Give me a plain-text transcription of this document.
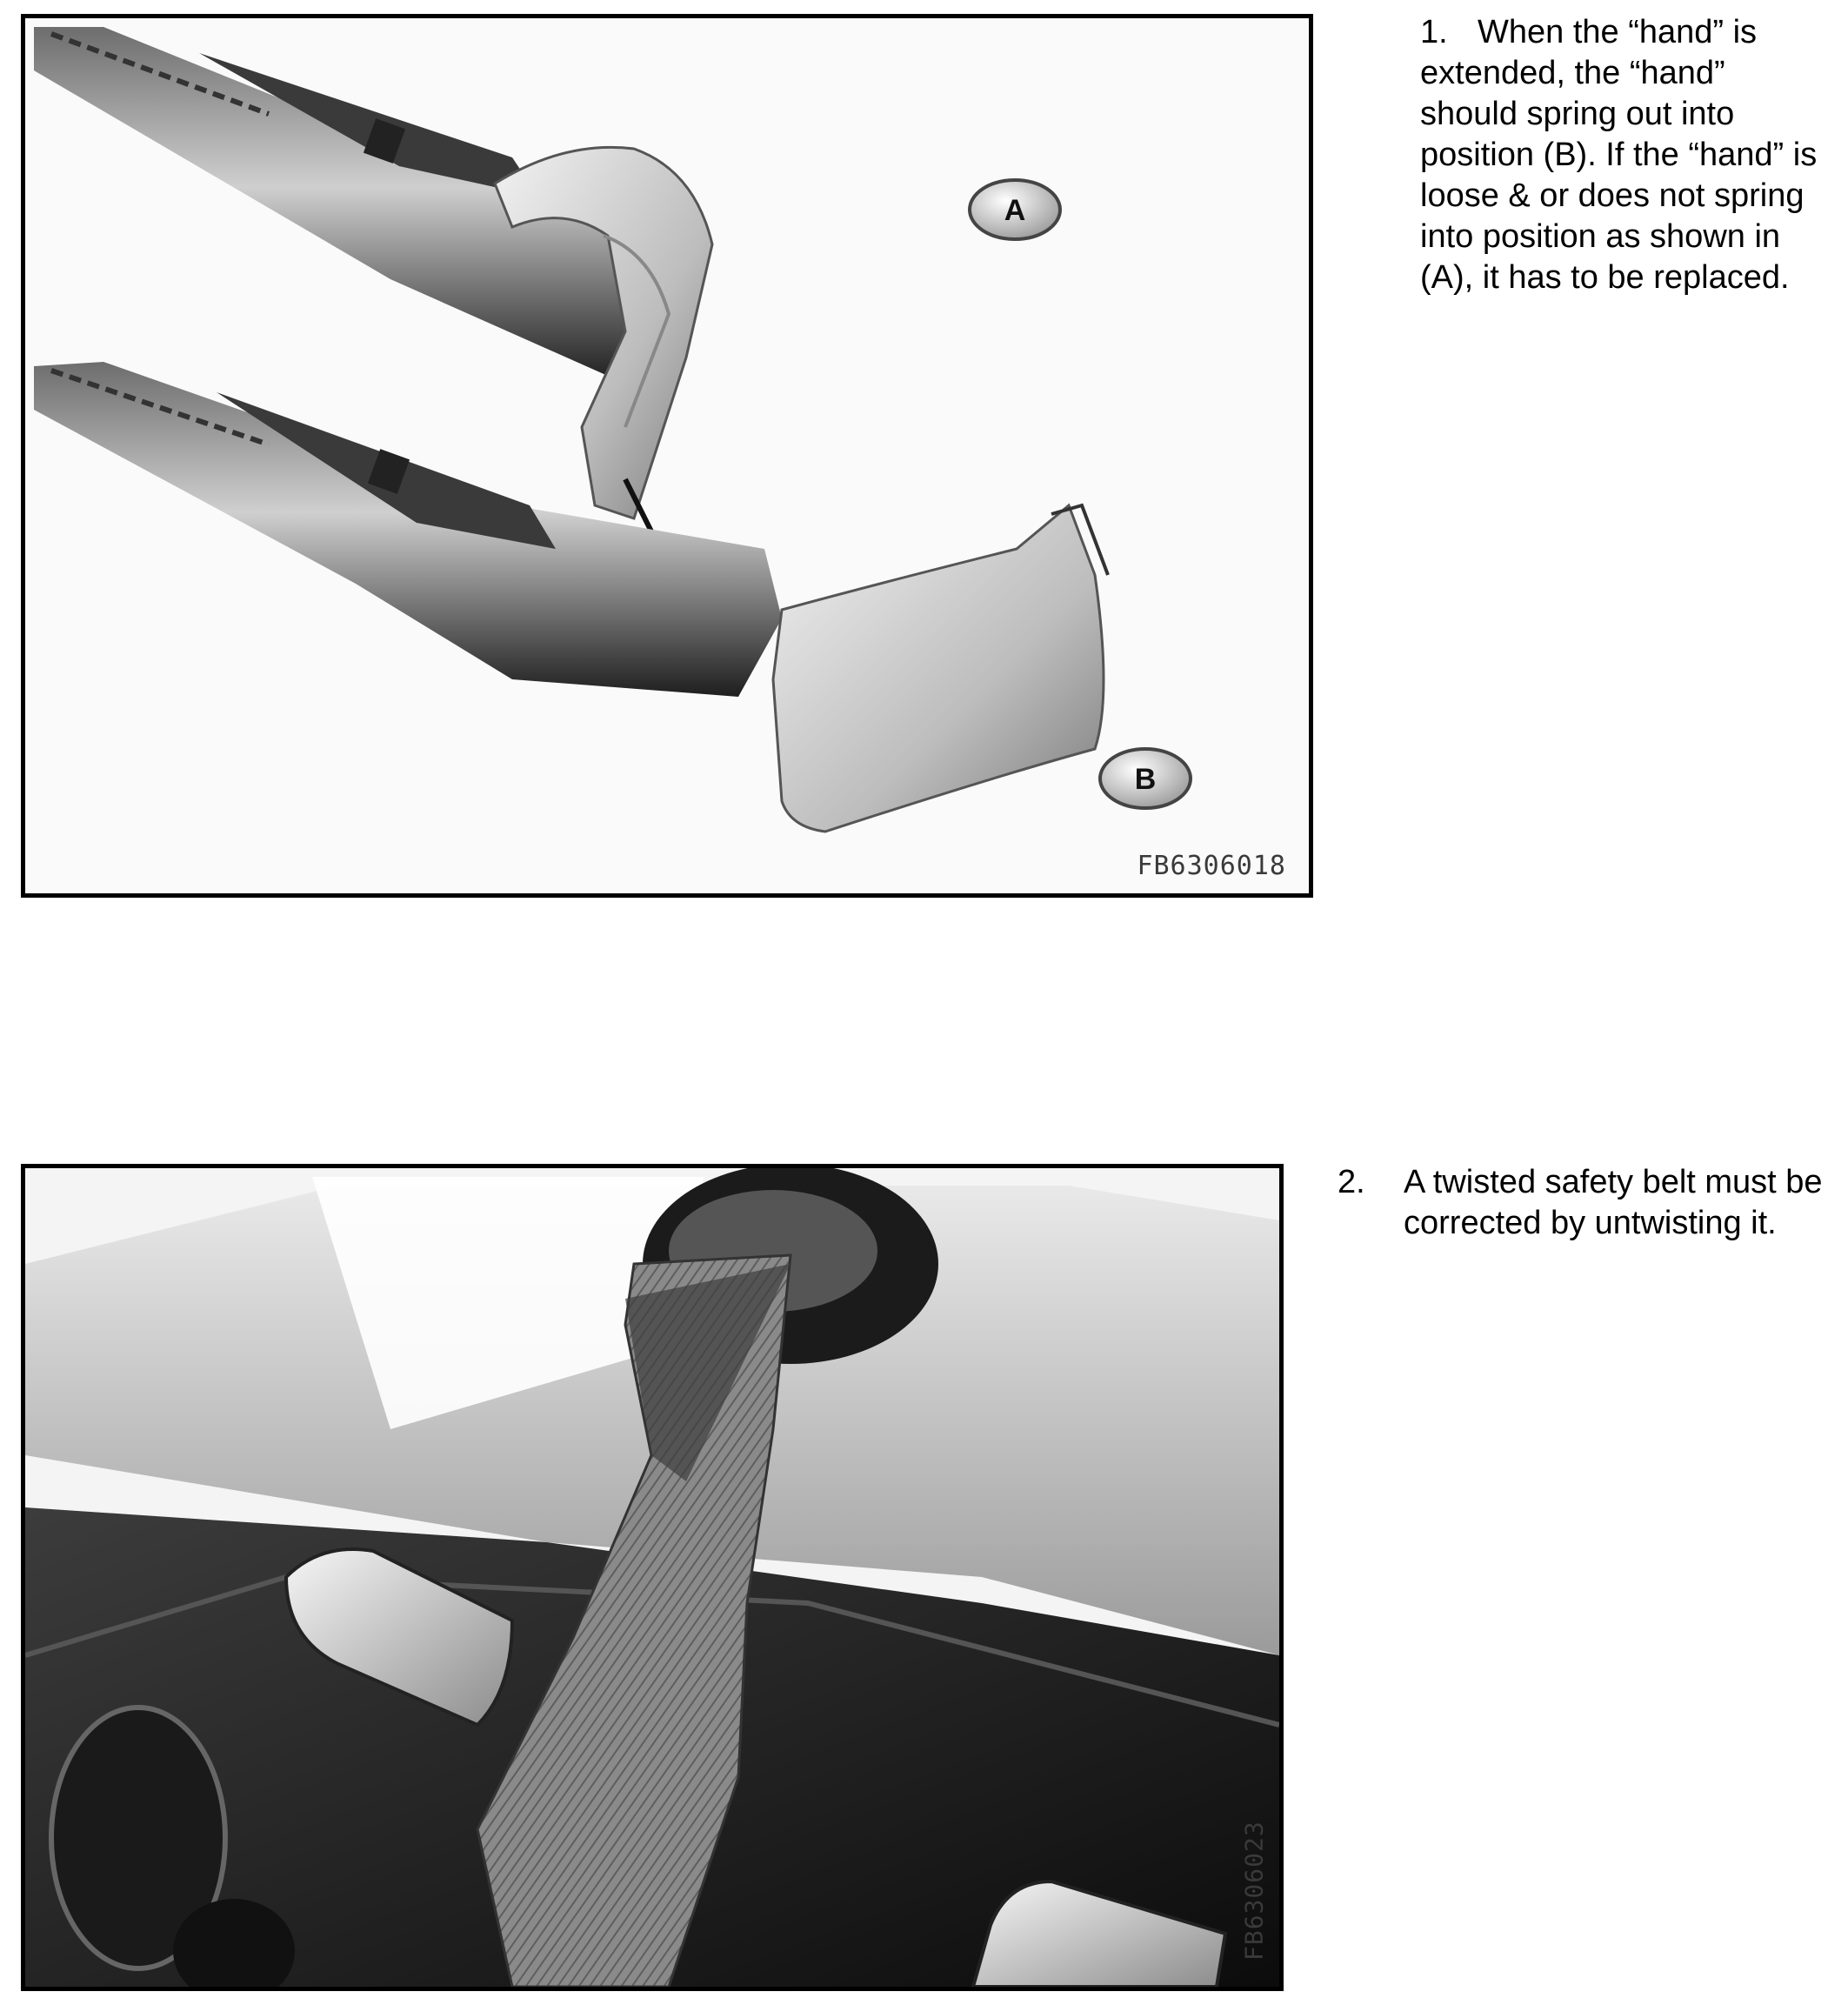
A
B
FB6306018
1. When the “hand” is extended, the “hand” should spring out into position (B). If the “hand” is loose & or does not spring into position as shown in (A), it has to be replaced.
FB6306023
2. A twisted safety belt must be corrected by untwisting it.
